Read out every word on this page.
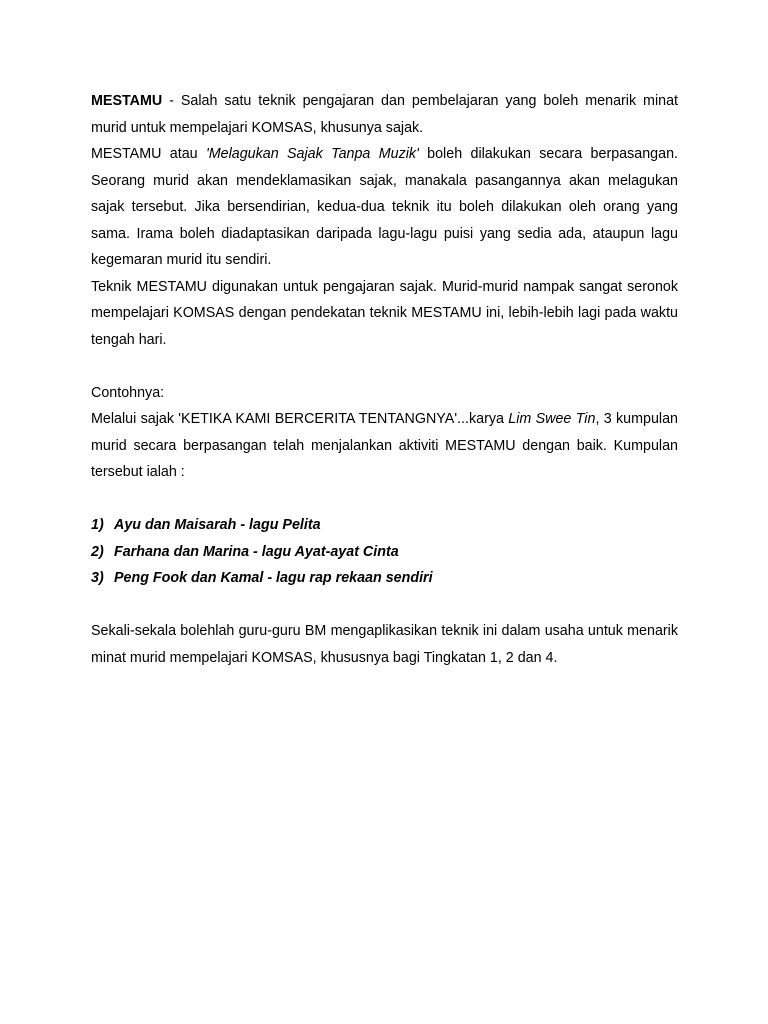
MESTAMU - Salah satu teknik pengajaran dan pembelajaran yang boleh menarik minat murid untuk mempelajari KOMSAS, khusunya sajak.

MESTAMU atau 'Melagukan Sajak Tanpa Muzik' boleh dilakukan secara berpasangan. Seorang murid akan mendeklamasikan sajak, manakala pasangannya akan melagukan sajak tersebut. Jika bersendirian, kedua-dua teknik itu boleh dilakukan oleh orang yang sama. Irama boleh diadaptasikan daripada lagu-lagu puisi yang sedia ada, ataupun lagu kegemaran murid itu sendiri.

Teknik MESTAMU digunakan untuk pengajaran sajak. Murid-murid nampak sangat seronok mempelajari KOMSAS dengan pendekatan teknik MESTAMU ini, lebih-lebih lagi pada waktu tengah hari.

Contohnya:

Melalui sajak 'KETIKA KAMI BERCERITA TENTANGNYA'...karya Lim Swee Tin, 3 kumpulan murid secara berpasangan telah menjalankan aktiviti MESTAMU dengan baik. Kumpulan tersebut ialah :

1) Ayu dan Maisarah - lagu Pelita

2) Farhana dan Marina - lagu Ayat-ayat Cinta

3) Peng Fook dan Kamal - lagu rap rekaan sendiri

Sekali-sekala bolehlah guru-guru BM mengaplikasikan teknik ini dalam usaha untuk menarik minat murid mempelajari KOMSAS, khususnya bagi Tingkatan 1, 2 dan 4.
